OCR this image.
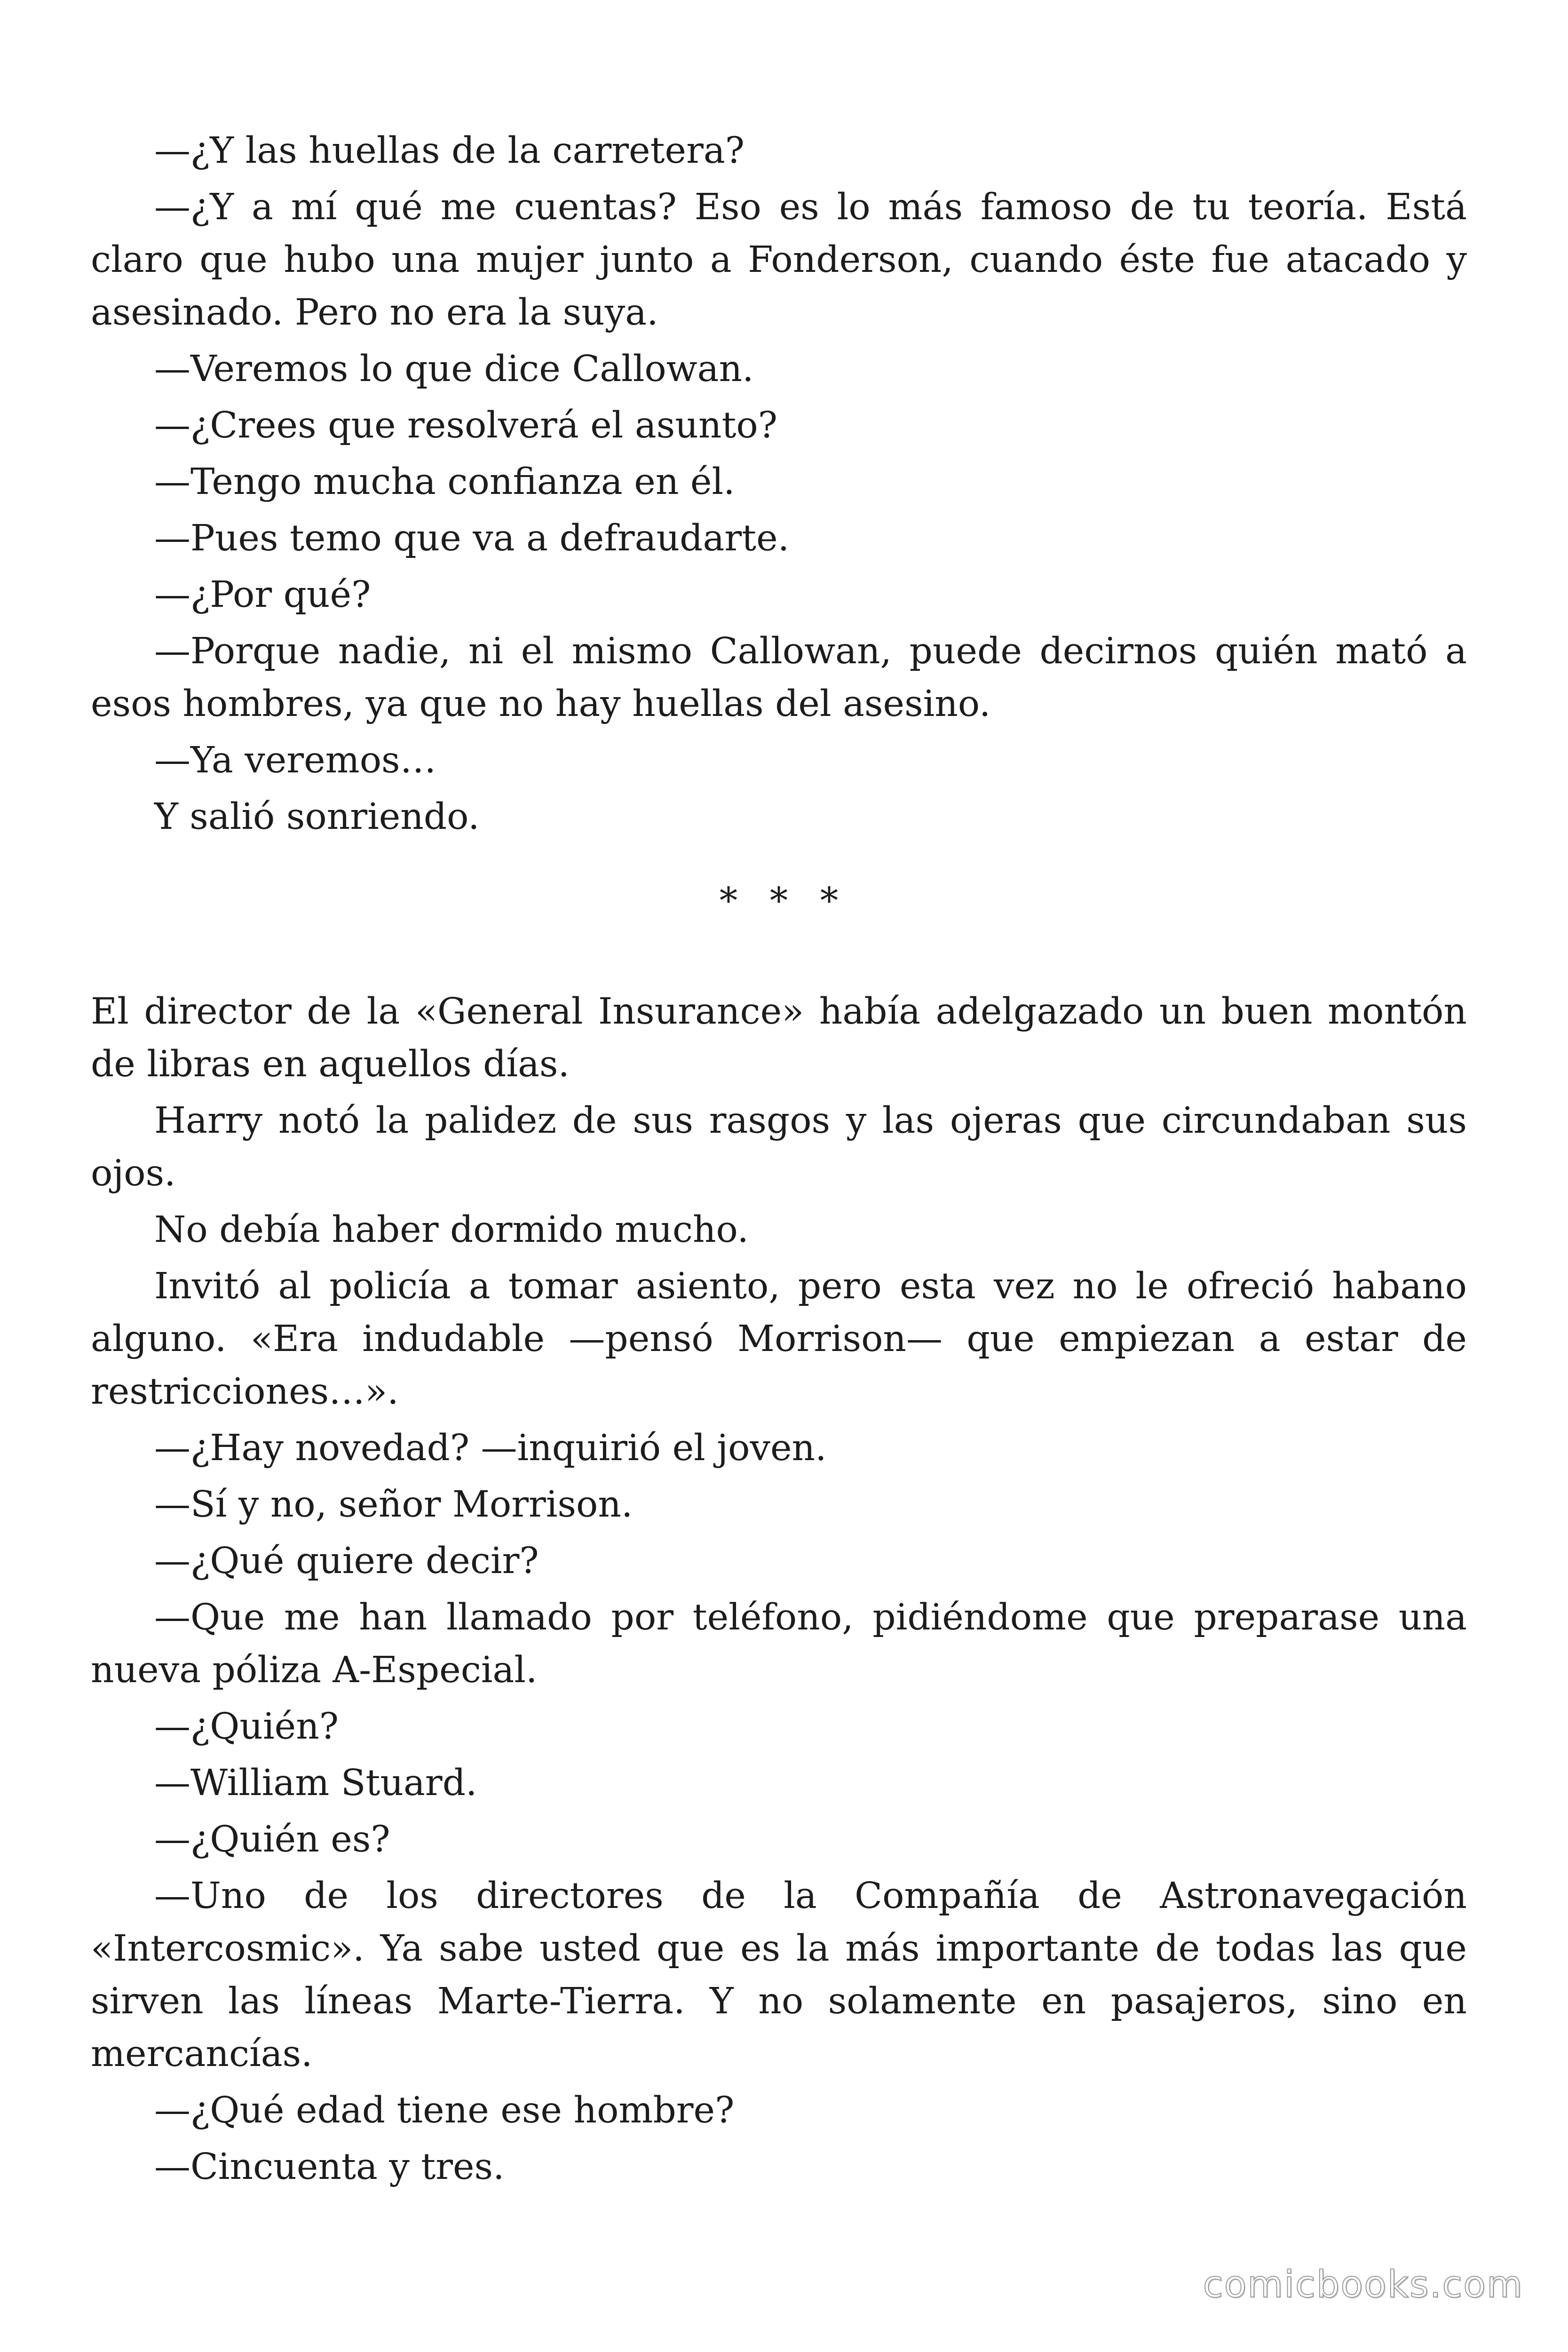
—¿Y las huellas de la carretera?

—¿Y a mí qué me cuentas? Eso es lo más famoso de tu teoría. Está claro que hubo una mujer junto a Fonderson, cuando éste fue atacado y asesinado. Pero no era la suya.

—Veremos lo que dice Callowan.

—¿Crees que resolverá el asunto?

—Tengo mucha confianza en él.

—Pues temo que va a defraudarte.

—¿Por qué?

—Porque nadie, ni el mismo Callowan, puede decirnos quién mató a esos hombres, ya que no hay huellas del asesino.

—Ya veremos…

Y salió sonriendo.

* * *

El director de la «General Insurance» había adelgazado un buen montón de libras en aquellos días.

Harry notó la palidez de sus rasgos y las ojeras que circundaban sus ojos.

No debía haber dormido mucho.

Invitó al policía a tomar asiento, pero esta vez no le ofreció habano alguno. «Era indudable —pensó Morrison— que empiezan a estar de restricciones…».

—¿Hay novedad? —inquirió el joven.

—Sí y no, señor Morrison.

—¿Qué quiere decir?

—Que me han llamado por teléfono, pidiéndome que preparase una nueva póliza A-Especial.

—¿Quién?

—William Stuard.

—¿Quién es?

—Uno de los directores de la Compañía de Astronavegación «Intercosmic». Ya sabe usted que es la más importante de todas las que sirven las líneas Marte-Tierra. Y no solamente en pasajeros, sino en mercancías.

—¿Qué edad tiene ese hombre?

—Cincuenta y tres.

comicbooks.com
